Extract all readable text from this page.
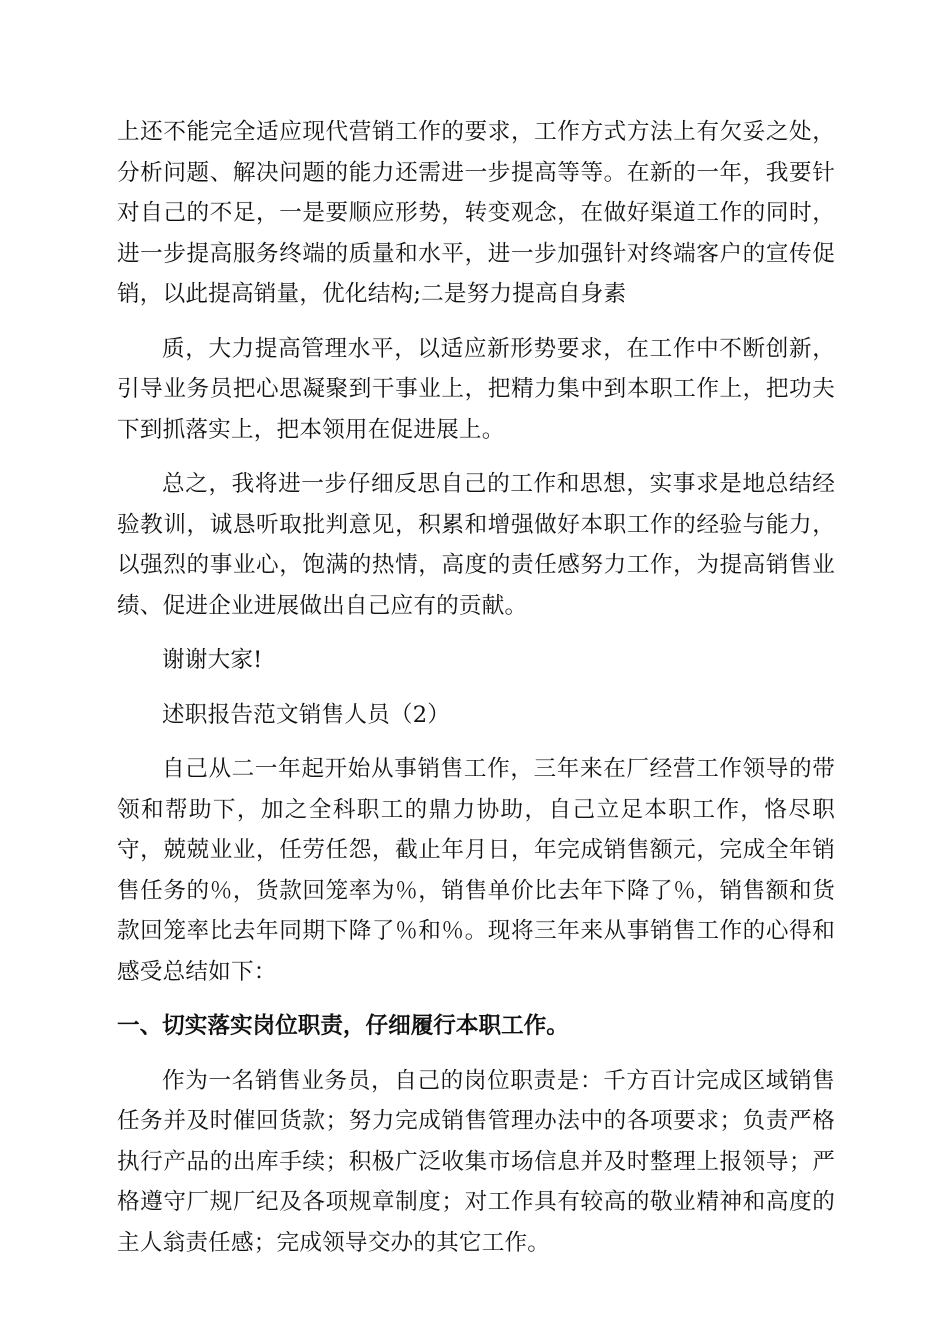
上还不能完全适应现代营销工作的要求，工作方式方法上有欠妥之处，分析问题、解决问题的能力还需进一步提高等等。在新的一年，我要针对自己的不足，一是要顺应形势，转变观念，在做好渠道工作的同时，进一步提高服务终端的质量和水平，进一步加强针对终端客户的宣传促销，以此提高销量，优化结构;二是努力提高自身素

质，大力提高管理水平，以适应新形势要求，在工作中不断创新，引导业务员把心思凝聚到干事业上，把精力集中到本职工作上，把功夫下到抓落实上，把本领用在促进展上。

总之，我将进一步仔细反思自己的工作和思想，实事求是地总结经验教训，诚恳听取批判意见，积累和增强做好本职工作的经验与能力，以强烈的事业心，饱满的热情，高度的责任感努力工作，为提高销售业绩、促进企业进展做出自己应有的贡献。

谢谢大家!

述职报告范文销售人员（2）

自己从二一年起开始从事销售工作，三年来在厂经营工作领导的带领和帮助下，加之全科职工的鼎力协助，自己立足本职工作，恪尽职守，兢兢业业，任劳任怨，截止年月日，年完成销售额元，完成全年销售任务的％，货款回笼率为％，销售单价比去年下降了％，销售额和货款回笼率比去年同期下降了％和％。现将三年来从事销售工作的心得和感受总结如下：

一、切实落实岗位职责，仔细履行本职工作。

作为一名销售业务员，自己的岗位职责是：千方百计完成区域销售任务并及时催回货款；努力完成销售管理办法中的各项要求；负责严格执行产品的出库手续；积极广泛收集市场信息并及时整理上报领导；严格遵守厂规厂纪及各项规章制度；对工作具有较高的敬业精神和高度的主人翁责任感；完成领导交办的其它工作。
